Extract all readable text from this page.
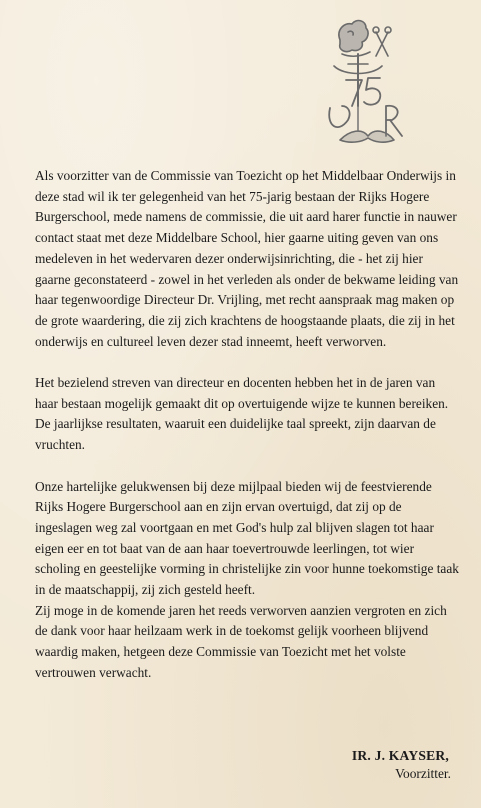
Als voorzitter van de Commissie van Toezicht op het Middelbaar Onderwijs in deze stad wil ik ter gelegenheid van het 75-jarig bestaan der Rijks Hogere Burgerschool, mede namens de commissie, die uit aard harer functie in nauwer contact staat met deze Middelbare School, hier gaarne uiting geven van ons medeleven in het wedervaren dezer onderwijsinrichting, die - het zij hier gaarne geconstateerd - zowel in het verleden als onder de bekwame leiding van haar tegenwoordige Directeur Dr. Vrijling, met recht aanspraak mag maken op de grote waardering, die zij zich krachtens de hoogstaande plaats, die zij in het onderwijs en cultureel leven dezer stad inneemt, heeft verworven.

Het bezielend streven van directeur en docenten hebben het in de jaren van haar bestaan mogelijk gemaakt dit op overtuigende wijze te kunnen bereiken. De jaarlijkse resultaten, waaruit een duidelijke taal spreekt, zijn daarvan de vruchten.

Onze hartelijke gelukwensen bij deze mijlpaal bieden wij de feestvierende Rijks Hogere Burgerschool aan en zijn ervan overtuigd, dat zij op de ingeslagen weg zal voortgaan en met God's hulp zal blijven slagen tot haar eigen eer en tot baat van de aan haar toevertrouwde leerlingen, tot wier scholing en geestelijke vorming in christelijke zin voor hunne toekomstige taak in de maatschappij, zij zich gesteld heeft.

Zij moge in de komende jaren het reeds verworven aanzien vergroten en zich de dank voor haar heilzaam werk in de toekomst gelijk voorheen blijvend waardig maken, hetgeen deze Commissie van Toezicht met het volste vertrouwen verwacht.

IR. J. KAYSER,
Voorzitter.
